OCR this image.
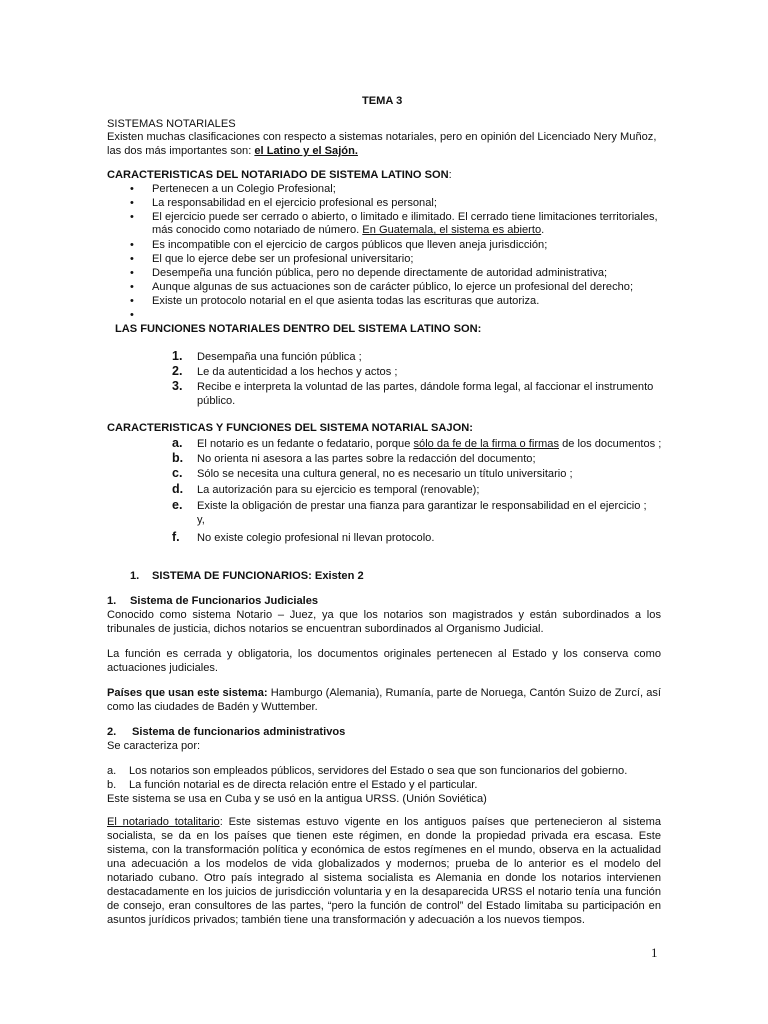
TEMA 3
SISTEMAS NOTARIALES
Existen muchas clasificaciones con respecto a sistemas notariales, pero en opinión del Licenciado Nery Muñoz,
las dos más importantes son: el Latino y el Sajón.
CARACTERISTICAS DEL NOTARIADO DE SISTEMA LATINO SON:
• Pertenecen a un Colegio Profesional;
• La responsabilidad en el ejercicio profesional es personal;
• El ejercicio puede ser cerrado o abierto, o limitado e ilimitado. El cerrado tiene limitaciones territoriales,
más conocido como notariado de número. En Guatemala, el sistema es abierto.
• Es incompatible con el ejercicio de cargos públicos que lleven aneja jurisdicción;
• El que lo ejerce debe ser un profesional universitario;
• Desempeña una función pública, pero no depende directamente de autoridad administrativa;
• Aunque algunas de sus actuaciones son de carácter público, lo ejerce un profesional del derecho;
• Existe un protocolo notarial en el que asienta todas las escrituras que autoriza.
•
LAS FUNCIONES NOTARIALES DENTRO DEL SISTEMA LATINO SON:
1. Desempaña una función pública ;
2. Le da autenticidad a los hechos y actos ;
3. Recibe e interpreta la voluntad de las partes, dándole forma legal, al faccionar el instrumento
público.
CARACTERISTICAS Y FUNCIONES DEL SISTEMA NOTARIAL SAJON:
a. El notario es un fedante o fedatario, porque sólo da fe de la firma o firmas de los documentos ;
b. No orienta ni asesora a las partes sobre la redacción del documento;
c. Sólo se necesita una cultura general, no es necesario un título universitario ;
d. La autorización para su ejercicio es temporal (renovable);
e. Existe la obligación de prestar una fianza para garantizar le responsabilidad en el ejercicio ;
y,
f. No existe colegio profesional ni llevan protocolo.
1. SISTEMA DE FUNCIONARIOS: Existen 2
1. Sistema de Funcionarios Judiciales
Conocido como sistema Notario – Juez, ya que los notarios son magistrados y están subordinados a los tribunales de justicia, dichos notarios se encuentran subordinados al Organismo Judicial.
La función es cerrada y obligatoria, los documentos originales pertenecen al Estado y los conserva como actuaciones judiciales.
Países que usan este sistema: Hamburgo (Alemania), Rumanía, parte de Noruega, Cantón Suizo de Zurcí, así como las ciudades de Badén y Wuttember.
2. Sistema de funcionarios administrativos
Se caracteriza por:
a. Los notarios son empleados públicos, servidores del Estado o sea que son funcionarios del gobierno.
b. La función notarial es de directa relación entre el Estado y el particular.
Este sistema se usa en Cuba y se usó en la antigua URSS. (Unión Soviética)
El notariado totalitario: Este sistemas estuvo vigente en los antiguos países que pertenecieron al sistema socialista, se da en los países que tienen este régimen, en donde la propiedad privada era escasa. Este sistema, con la transformación política y económica de estos regímenes en el mundo, observa en la actualidad una adecuación a los modelos de vida globalizados y modernos; prueba de lo anterior es el modelo del notariado cubano. Otro país integrado al sistema socialista es Alemania en donde los notarios intervienen destacadamente en los juicios de jurisdicción voluntaria y en la desaparecida URSS el notario tenía una función de consejo, eran consultores de las partes, “pero la función de control” del Estado limitaba su participación en asuntos jurídicos privados; también tiene una transformación y adecuación a los nuevos tiempos.
1
